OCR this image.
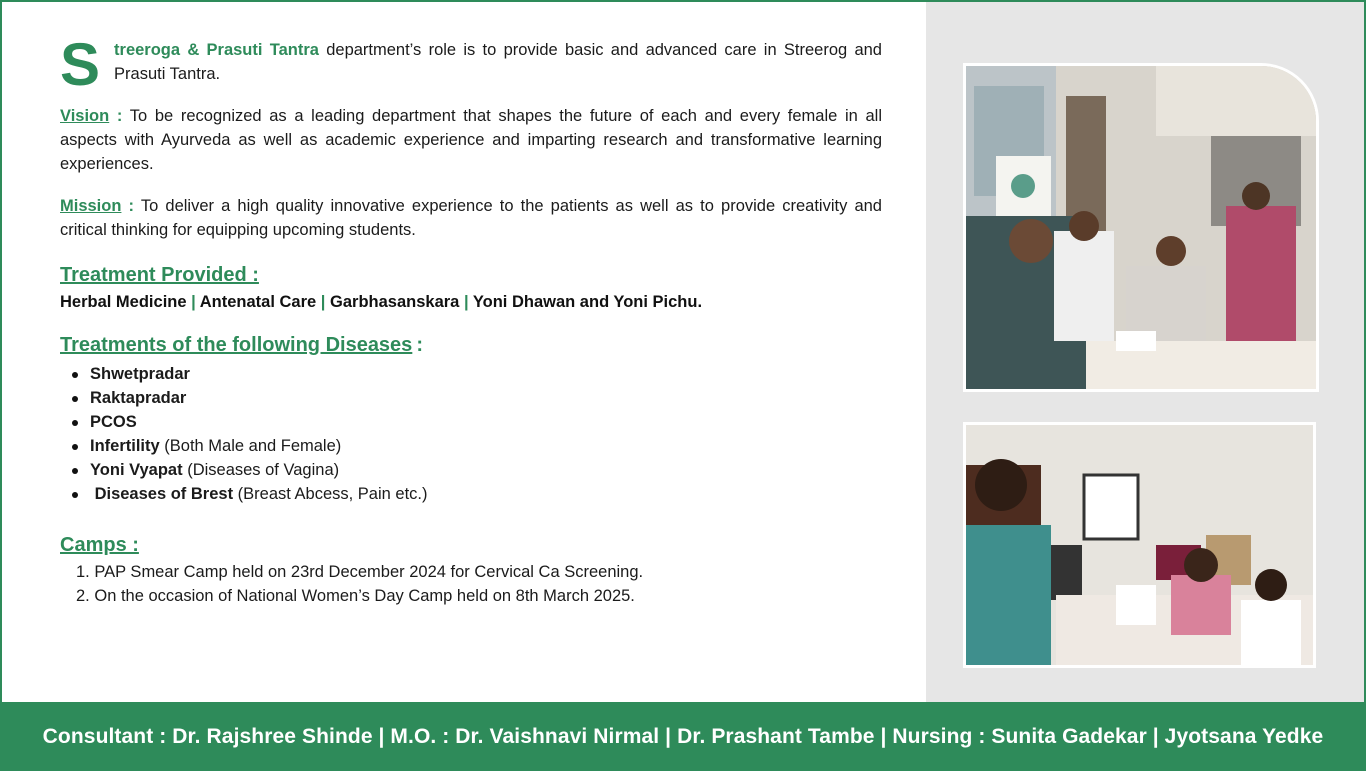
Streeroga & Prasuti Tantra department’s role is to provide basic and advanced care in Streerog and Prasuti Tantra.

Vision : To be recognized as a leading department that shapes the future of each and every female in all aspects with Ayurveda as well as academic experience and imparting research and transformative learning experiences.

Mission : To deliver a high quality innovative experience to the patients as well as to provide creativity and critical thinking for equipping upcoming students.

Treatment Provided :
Herbal Medicine | Antenatal Care | Garbhasanskara | Yoni Dhawan and Yoni Pichu.
Treatments of the following Diseases :
Shwetpradar
Raktapradar
PCOS
Infertility (Both Male and Female)
Yoni Vyapat (Diseases of Vagina)
Diseases of Brest (Breast Abcess, Pain etc.)
Camps :
1. PAP Smear Camp held on 23rd December 2024 for Cervical Ca Screening.
2. On the occasion of National Women’s Day Camp held on 8th March 2025.
Consultant : Dr. Rajshree Shinde | M.O. : Dr. Vaishnavi Nirmal | Dr. Prashant Tambe | Nursing : Sunita Gadekar | Jyotsana Yedke
